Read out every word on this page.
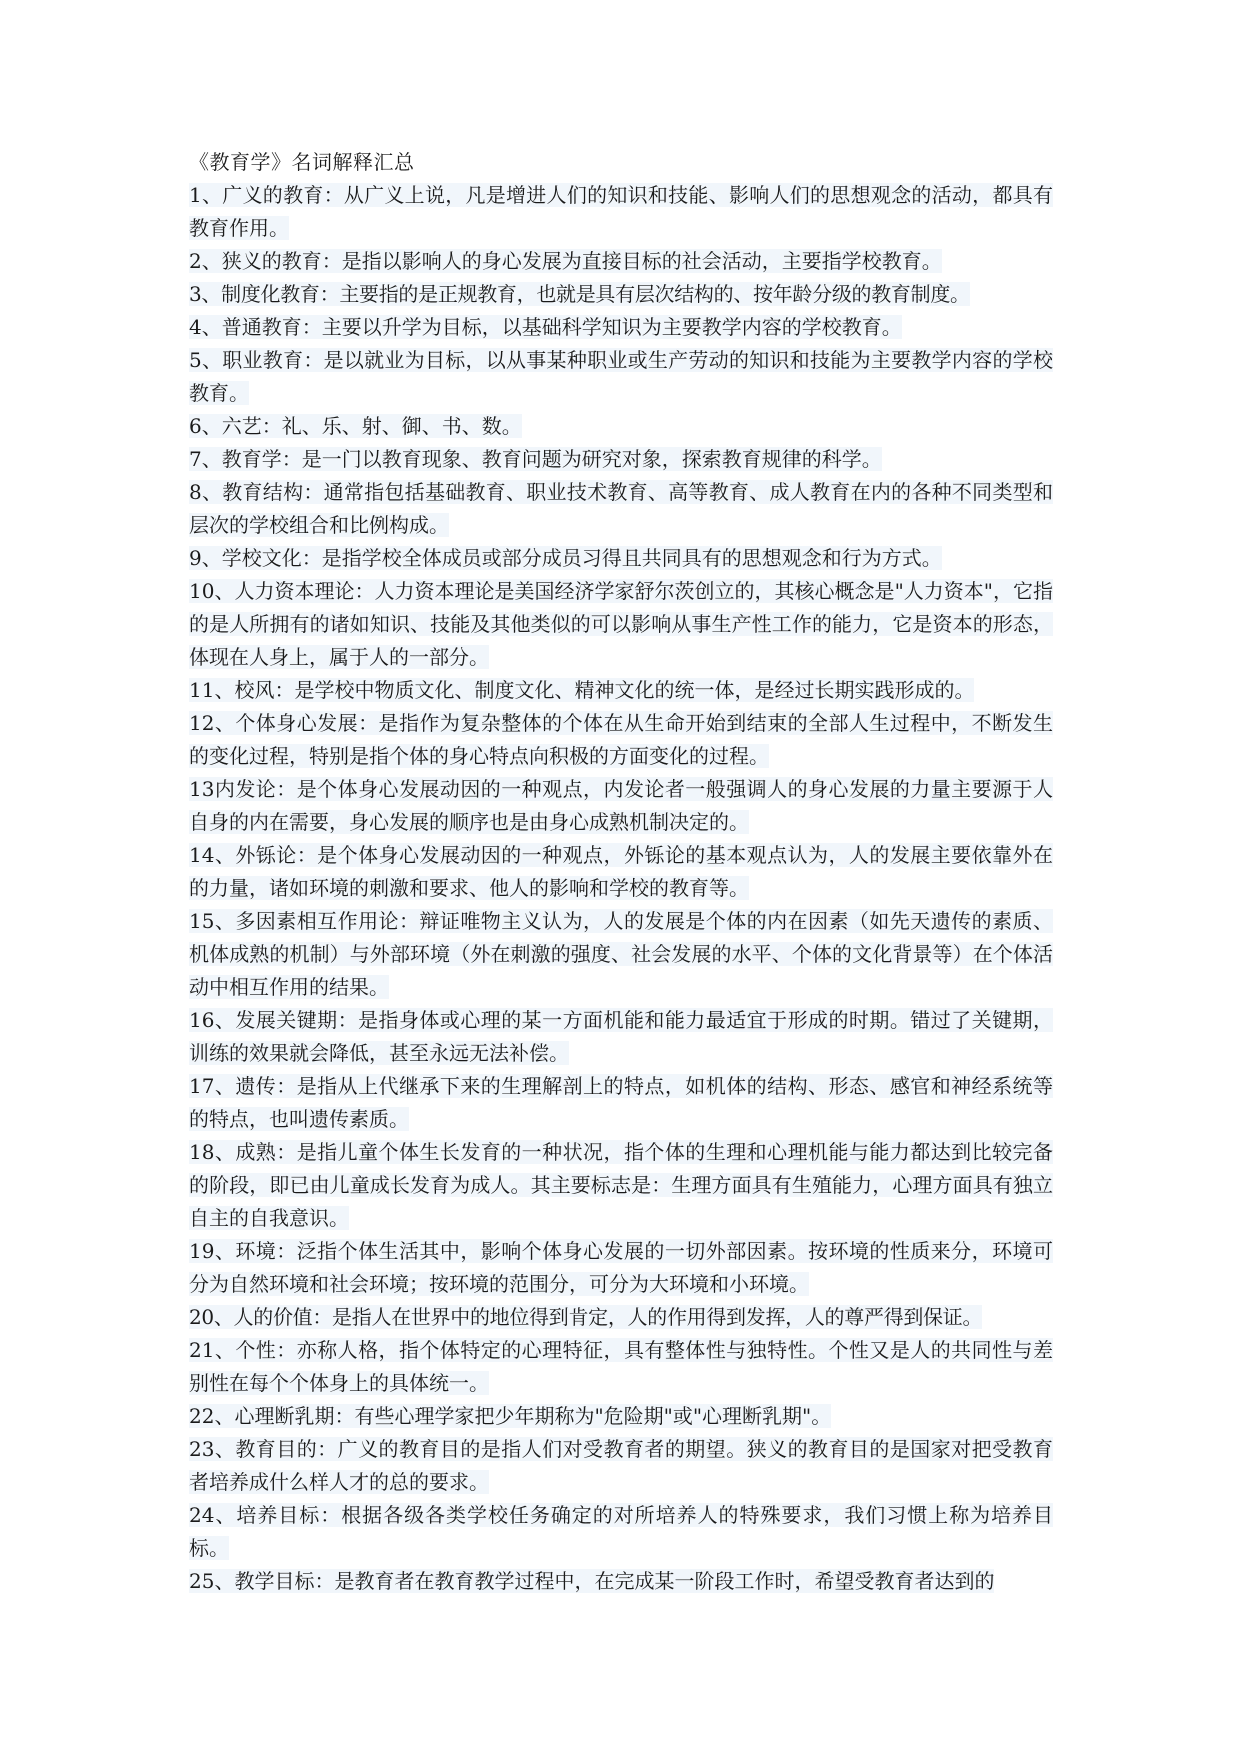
《教育学》名词解释汇总

1、广义的教育：从广义上说，凡是增进人们的知识和技能、影响人们的思想观念的活动，都具有教育作用。

2、狭义的教育：是指以影响人的身心发展为直接目标的社会活动，主要指学校教育。

3、制度化教育：主要指的是正规教育，也就是具有层次结构的、按年龄分级的教育制度。

4、普通教育：主要以升学为目标，以基础科学知识为主要教学内容的学校教育。

5、职业教育：是以就业为目标，以从事某种职业或生产劳动的知识和技能为主要教学内容的学校教育。

6、六艺：礼、乐、射、御、书、数。

7、教育学：是一门以教育现象、教育问题为研究对象，探索教育规律的科学。

8、教育结构：通常指包括基础教育、职业技术教育、高等教育、成人教育在内的各种不同类型和层次的学校组合和比例构成。

9、学校文化：是指学校全体成员或部分成员习得且共同具有的思想观念和行为方式。

10、人力资本理论：人力资本理论是美国经济学家舒尔茨创立的，其核心概念是"人力资本"，它指的是人所拥有的诸如知识、技能及其他类似的可以影响从事生产性工作的能力，它是资本的形态，体现在人身上，属于人的一部分。

11、校风：是学校中物质文化、制度文化、精神文化的统一体，是经过长期实践形成的。

12、个体身心发展：是指作为复杂整体的个体在从生命开始到结束的全部人生过程中，不断发生的变化过程，特别是指个体的身心特点向积极的方面变化的过程。

13内发论：是个体身心发展动因的一种观点，内发论者一般强调人的身心发展的力量主要源于人自身的内在需要，身心发展的顺序也是由身心成熟机制决定的。

14、外铄论：是个体身心发展动因的一种观点，外铄论的基本观点认为，人的发展主要依靠外在的力量，诸如环境的刺激和要求、他人的影响和学校的教育等。

15、多因素相互作用论：辩证唯物主义认为，人的发展是个体的内在因素（如先天遗传的素质、机体成熟的机制）与外部环境（外在刺激的强度、社会发展的水平、个体的文化背景等）在个体活动中相互作用的结果。

16、发展关键期：是指身体或心理的某一方面机能和能力最适宜于形成的时期。错过了关键期，训练的效果就会降低，甚至永远无法补偿。

17、遗传：是指从上代继承下来的生理解剖上的特点，如机体的结构、形态、感官和神经系统等的特点，也叫遗传素质。

18、成熟：是指儿童个体生长发育的一种状况，指个体的生理和心理机能与能力都达到比较完备的阶段，即已由儿童成长发育为成人。其主要标志是：生理方面具有生殖能力，心理方面具有独立自主的自我意识。

19、环境：泛指个体生活其中，影响个体身心发展的一切外部因素。按环境的性质来分，环境可分为自然环境和社会环境；按环境的范围分，可分为大环境和小环境。

20、人的价值：是指人在世界中的地位得到肯定，人的作用得到发挥，人的尊严得到保证。

21、个性：亦称人格，指个体特定的心理特征，具有整体性与独特性。个性又是人的共同性与差别性在每个个体身上的具体统一。

22、心理断乳期：有些心理学家把少年期称为"危险期"或"心理断乳期"。

23、教育目的：广义的教育目的是指人们对受教育者的期望。狭义的教育目的是国家对把受教育者培养成什么样人才的总的要求。

24、培养目标：根据各级各类学校任务确定的对所培养人的特殊要求，我们习惯上称为培养目标。

25、教学目标：是教育者在教育教学过程中，在完成某一阶段工作时，希望受教育者达到的
